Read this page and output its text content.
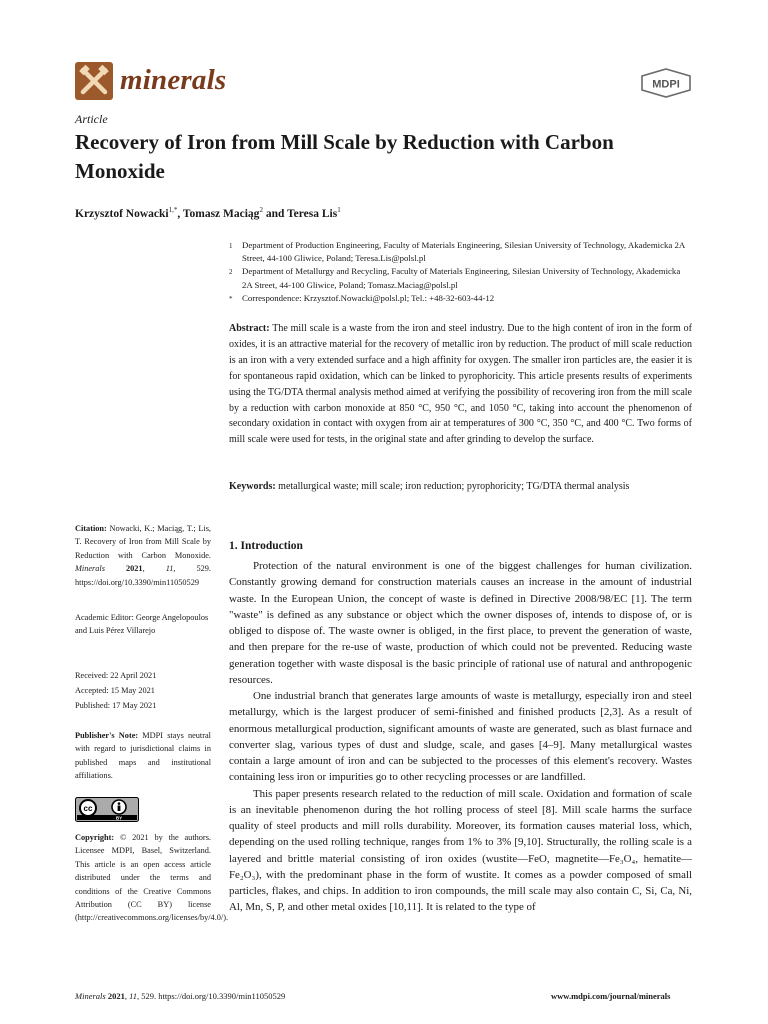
minerals	MDPI
Article
Recovery of Iron from Mill Scale by Reduction with Carbon Monoxide
Krzysztof Nowacki$^{1,*}$, Tomasz Maciąg$^2$ and Teresa Lis$^1$
1	Department of Production Engineering, Faculty of Materials Engineering, Silesian University of Technology, Akademicka 2A Street, 44-100 Gliwice, Poland; Teresa.Lis@polsl.pl
2	Department of Metallurgy and Recycling, Faculty of Materials Engineering, Silesian University of Technology, Akademicka 2A Street, 44-100 Gliwice, Poland; Tomasz.Maciag@polsl.pl
*	Correspondence: Krzysztof.Nowacki@polsl.pl; Tel.: +48-32-603-44-12
Abstract: The mill scale is a waste from the iron and steel industry. Due to the high content of iron in the form of oxides, it is an attractive material for the recovery of metallic iron by reduction. The product of mill scale reduction is an iron with a very extended surface and a high affinity for oxygen. The smaller iron particles are, the easier it is for spontaneous rapid oxidation, which can be linked to pyrophoricity. This article presents results of experiments using the TG/DTA thermal analysis method aimed at verifying the possibility of recovering iron from the mill scale by a reduction with carbon monoxide at 850 °C, 950 °C, and 1050 °C, taking into account the phenomenon of secondary oxidation in contact with oxygen from air at temperatures of 300 °C, 350 °C, and 400 °C. Two forms of mill scale were used for tests, in the original state and after grinding to develop the surface.
Keywords: metallurgical waste; mill scale; iron reduction; pyrophoricity; TG/DTA thermal analysis
Citation: Nowacki, K.; Maciąg, T.; Lis, T. Recovery of Iron from Mill Scale by Reduction with Carbon Monoxide. Minerals 2021, 11, 529. https://doi.org/10.3390/min11050529
Academic Editor: George Angelopoulos and Luis Pérez Villarejo
Received: 22 April 2021
Accepted: 15 May 2021
Published: 17 May 2021
Publisher's Note: MDPI stays neutral with regard to jurisdictional claims in published maps and institutional affiliations.
cc
BY
Copyright: © 2021 by the authors. Licensee MDPI, Basel, Switzerland. This article is an open access article distributed under the terms and conditions of the Creative Commons Attribution (CC BY) license (http://creativecommons.org/licenses/by/4.0/).
1. Introduction

Protection of the natural environment is one of the biggest challenges for human civilization. Constantly growing demand for construction materials causes an increase in the amount of industrial waste. In the European Union, the concept of waste is defined in Directive 2008/98/EC [1]. The term "waste" is defined as any substance or object which the owner disposes of, intends to dispose of, or is obliged to dispose of. The waste owner is obliged, in the first place, to prevent the generation of waste, and then prepare for the re-use of waste, production of which could not be prevented. Reducing waste generation together with waste disposal is the basic principle of rational use of natural and anthropogenic resources.

One industrial branch that generates large amounts of waste is metallurgy, especially iron and steel metallurgy, which is the largest producer of semi-finished and finished products [2,3]. As a result of enormous metallurgical production, significant amounts of waste are generated, such as blast furnace and converter slag, various types of dust and sludge, scale, and gases [4–9]. Many metallurgical wastes contain a large amount of iron and can be subjected to the processes of this element's recovery. Wastes containing less iron or impurities go to other recycling processes or are landfilled.

This paper presents research related to the reduction of mill scale. Oxidation and formation of scale is an inevitable phenomenon during the hot rolling process of steel [8]. Mill scale harms the surface quality of steel products and mill rolls durability. Moreover, its formation causes material loss, which, depending on the used rolling technique, ranges from 1% to 3% [9,10]. Structurally, the rolling scale is a layered and brittle material consisting of iron oxides (wustite—FeO, magnetite—Fe₃O₄, hematite—Fe₂O₃), with the predominant phase in the form of wustite. It comes as a powder composed of small particles, flakes, and chips. In addition to iron compounds, the mill scale may also contain C, Si, Ca, Ni, Al, Mn, S, P, and other metal oxides [10,11]. It is related to the type of

Minerals 2021, 11, 529. https://doi.org/10.3390/min11050529	www.mdpi.com/journal/minerals
